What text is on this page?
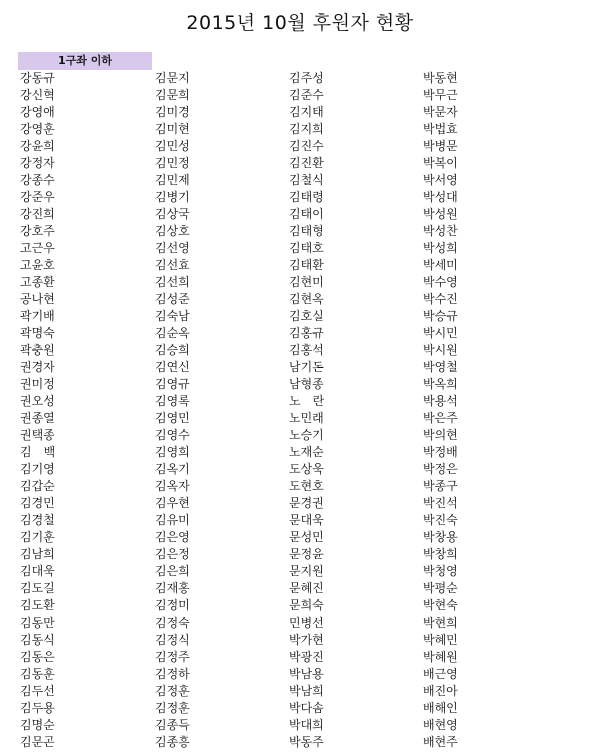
2015년 10월 후원자 현황
1구좌 이하
강동규
강신혁
강영애
강영훈
강윤희
강정자
강종수
강준우
강진희
강호주
고근우
고윤호
고종환
공나현
곽기배
곽명숙
곽충원
권경자
권미정
권오성
권종열
권택종
김　백
김기영
김갑순
김경민
김경철
김기훈
김남희
김대욱
김도길
김도환
김동만
김동식
김동은
김동훈
김두선
김두용
김명순
김문곤
김문지
김문희
김미경
김미현
김민성
김민정
김민제
김병기
김상국
김상호
김선영
김선효
김선희
김성준
김숙남
김순옥
김승희
김연신
김영규
김영록
김영민
김영수
김영희
김옥기
김옥자
김우현
김유미
김은영
김은정
김은희
김재홍
김정미
김정숙
김정식
김정주
김정하
김정훈
김정훈
김종득
김종흥
김주성
김준수
김지태
김지희
김진수
김진환
김철식
김태령
김태이
김태형
김태호
김태환
김현미
김현옥
김호실
김홍규
김홍석
남기돈
남형종
노　란
노민래
노승기
노재순
도상욱
도현호
문경권
문대욱
문성민
문정윤
문지원
문혜진
문희숙
민병선
박가현
박광진
박남용
박남희
박다솜
박대희
박동주
박동현
박무근
박문자
박법효
박병문
박복이
박서영
박성대
박성원
박성찬
박성희
박세미
박수영
박수진
박승규
박시민
박시원
박영철
박옥희
박용석
박은주
박의현
박정배
박정은
박종구
박진석
박진숙
박창용
박창희
박청영
박평순
박현숙
박현희
박혜민
박혜원
배근영
배진아
배해인
배현영
배현주
